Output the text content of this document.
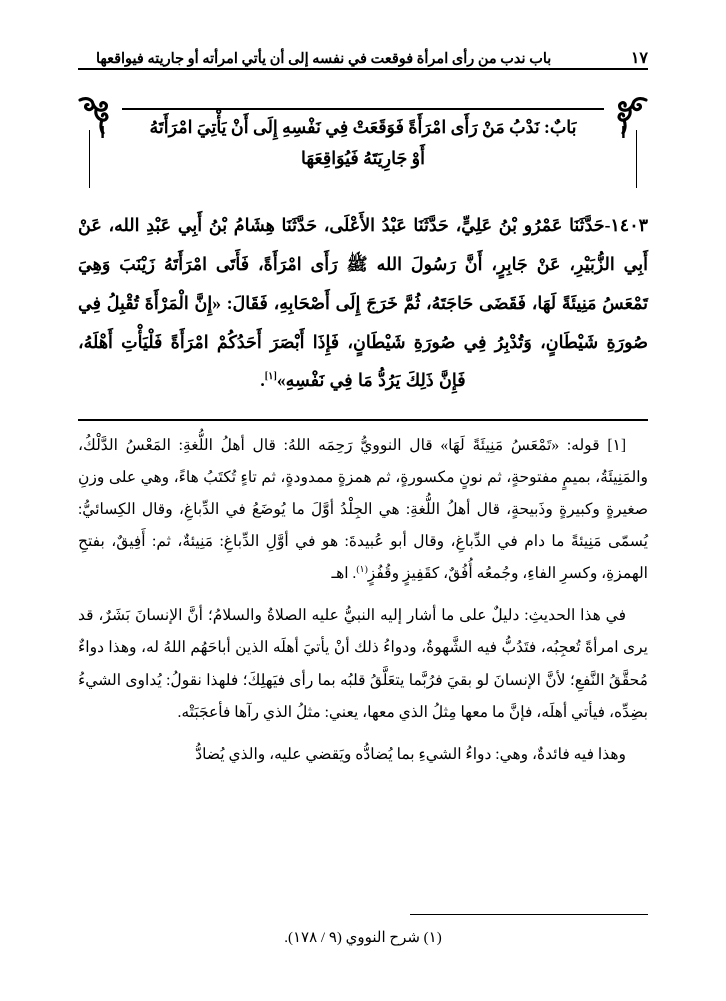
باب ندب من رأى امرأة فوقعت في نفسه إلى أن يأتي امرأته أو جاريته فيواقعها	١٧
بَابٌ: نَدْبُ مَنْ رَأَى امْرَأَةً فَوَقَعَتْ فِي نَفْسِهِ إِلَى أَنْ يَأْتِيَ امْرَأَتَهُ
أَوْ جَارِيَتَهُ فَيُوَاقِعَهَا
١٤٠٣-حَدَّثَنَا عَمْرُو بْنُ عَلِيٍّ، حَدَّثَنَا عَبْدُ الأَعْلَى، حَدَّثَنَا هِشَامُ بْنُ أَبِي عَبْدِ الله، عَنْ أَبِي الزُّبَيْرِ، عَنْ جَابِرٍ، أَنَّ رَسُولَ الله ﷺ رَأَى امْرَأَةً، فَأَتَى امْرَأَتَهُ زَيْنَبَ وَهِيَ تَمْعَسُ مَنِيئَةً لَهَا، فَقَضَى حَاجَتَهُ، ثُمَّ خَرَجَ إِلَى أَصْحَابِهِ، فَقَالَ: «إِنَّ الْمَرْأَةَ تُقْبِلُ فِي صُورَةِ شَيْطَانٍ، وَتُدْبِرُ فِي صُورَةِ شَيْطَانٍ، فَإِذَا أَبْصَرَ أَحَدُكُمْ امْرَأَةً فَلْيَأْتِ أَهْلَهُ، فَإِنَّ ذَلِكَ يَرُدُّ مَا فِي نَفْسِهِ»[١].

[١] قوله: «تَمْعَسُ مَنِيئَةً لَهَا» قال النوويُّ رَحِمَه اللهُ: قال أهلُ اللُّغةِ: المَعْسُ الدَّلْكُ، والمَنِيئَةُ، بميمٍ مفتوحةٍ، ثم نونٍ مكسورةٍ، ثم همزةٍ ممدودةٍ، ثم تاءٍ تُكتَبُ هاءً، وهي على وزنِ صغيرةٍ وكبيرةٍ وذَبيحةٍ، قال أهلُ اللُّغةِ: هي الجِلْدُ أوَّلَ ما يُوضَعُ في الدِّباغِ، وقال الكِسائيُّ: يُسمّى مَنِيئةً ما دام في الدِّباغِ، وقال أبو عُبيدةَ: هو في أوَّلِ الدِّباغِ: مَنِيئةٌ، ثم: أَفِيقٌ، بفتحِ الهمزةِ، وكسرِ الفاءِ، وجُمعُه أُفُقٌ، كقَفِيزٍ وقُفُزٍ$^{(١)}$. اهـ

في هذا الحديثِ: دليلٌ على ما أشار إليه النبيُّ عليه الصلاةُ والسلامُ؛ أنَّ الإنسانَ بَشَرٌ، قد يرى امرأةً تُعجِبُه، فتَدُبُّ فيه الشَّهوةُ، ودواءُ ذلك أنْ يأتيَ أهلَه الذين أباحَهُم اللهُ له، وهذا دواءٌ مُحقَّقُ النَّفعِ؛ لأنَّ الإنسانَ لو بقيَ فرُبَّما يتعَلَّقُ قلبُه بما رأى فيَهلِكَ؛ فلهذا نقولُ: يُداوى الشيءُ بضِدِّه، فيأتي أهلَه، فإنَّ ما معها مِثلُ الذي معها، يعني: مثلُ الذي رآها فأعجَبَتْه.

وهذا فيه فائدةٌ، وهي: دواءُ الشيءِ بما يُضادُّه ويَقضي عليه، والذي يُضادُّ

(١) شرح النووي (٩ / ١٧٨).
